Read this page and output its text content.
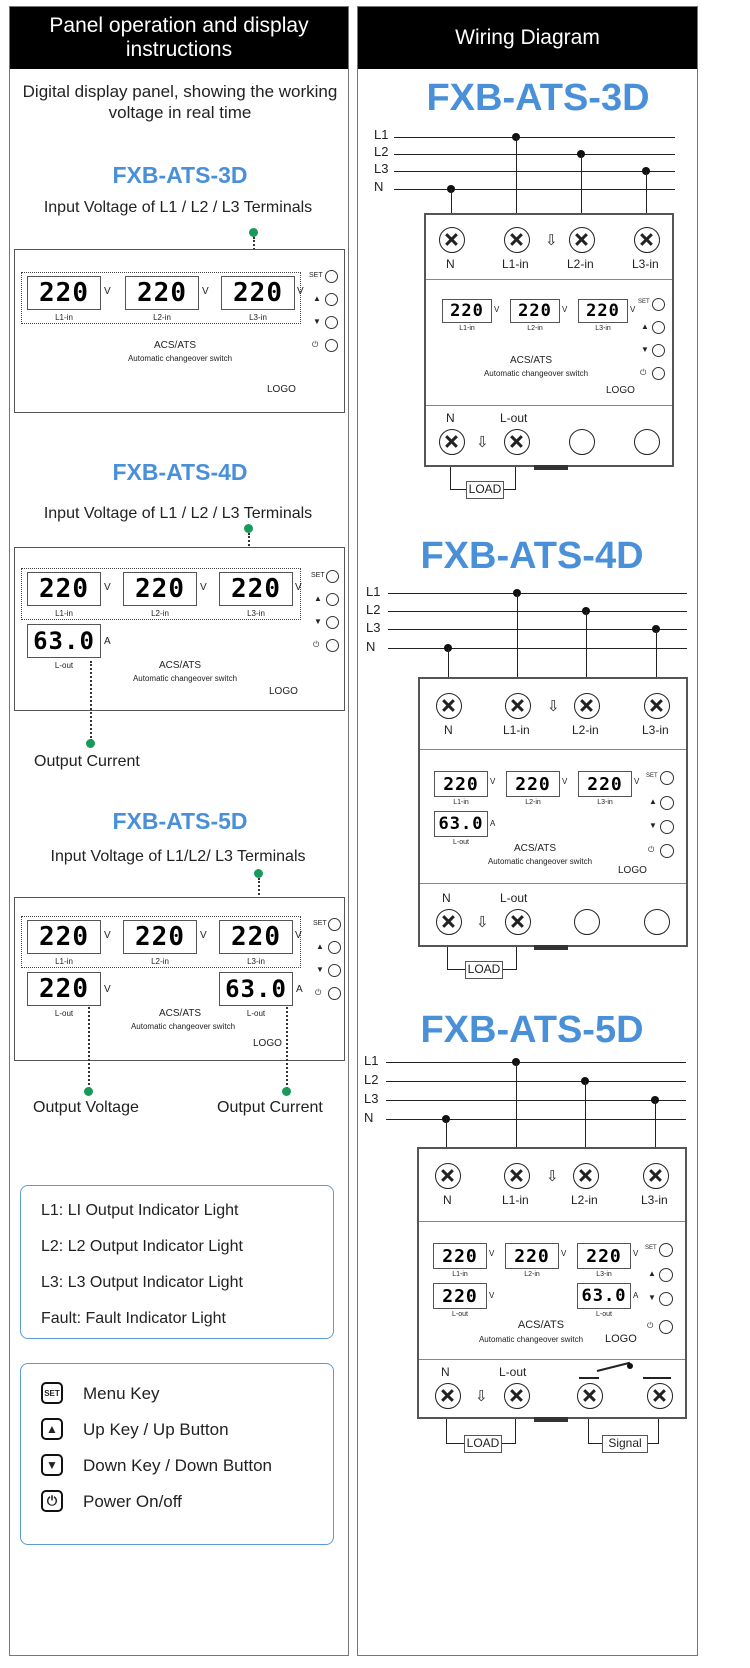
Panel operation and display instructions
Digital display panel, showing the working voltage in real time
FXB-ATS-3D
Input Voltage of L1 / L2 / L3 Terminals
220	V
L1-in
220	V
L2-in
220	V
L3-in
ACS/ATS
Automatic changeover switch
LOGO
SET
▲
▼
⏻
FXB-ATS-4D
Input Voltage of L1 / L2 / L3 Terminals
220	V
L1-in
220	V
L2-in
220	V
L3-in
63.0 A
L-out	ACS/ATS
Automatic changeover switch
LOGO
SET
▲
▼
⏻
Output Current
FXB-ATS-5D
Input Voltage of L1/L2/ L3 Terminals
220	V
L1-in
220	V
L2-in
220	V
L3-in
220	V
L-out
63.0 A
L-out
ACS/ATS
Automatic changeover switch
LOGO
SET
▲
▼
⏻
Output Voltage	Output Current
L1: LI Output Indicator Light
L2: L2 Output Indicator Light
L3: L3 Output Indicator Light
Fault: Fault Indicator Light
SET Menu Key
▲ Up Key / Up Button
▼ Down Key / Down Button
⏻	Power On/off
Wiring Diagram
FXB-ATS-3D
L1
L2
L3
N
⇩
N	L1-in	L2-in	L3-in
220	V
L1-in
220	V
L2-in
220	V
L3-in
SET
▲
▼
⏻
ACS/ATS
Automatic changeover switch
LOGO
N	L-out
⇩
LOAD
FXB-ATS-4D
L1
L2
L3
N
⇩
N	L1-in	L2-in	L3-in
220	V
L1-in
220	V
L2-in
220	V
L3-in
63.0 A
L-out
SET
▲
▼
⏻
ACS/ATS
Automatic changeover switch
LOGO
N	L-out
⇩
LOAD
FXB-ATS-5D
L1
L2
L3
N
⇩
N	L1-in	L2-in	L3-in
220	V
L1-in
220	V
L2-in
220	V
L3-in
220	V
L-out
63.0 A
L-out
SET
▲
▼
⏻
ACS/ATS
Automatic changeover switch LOGO
N	L-out
⇩
LOAD	Signal
